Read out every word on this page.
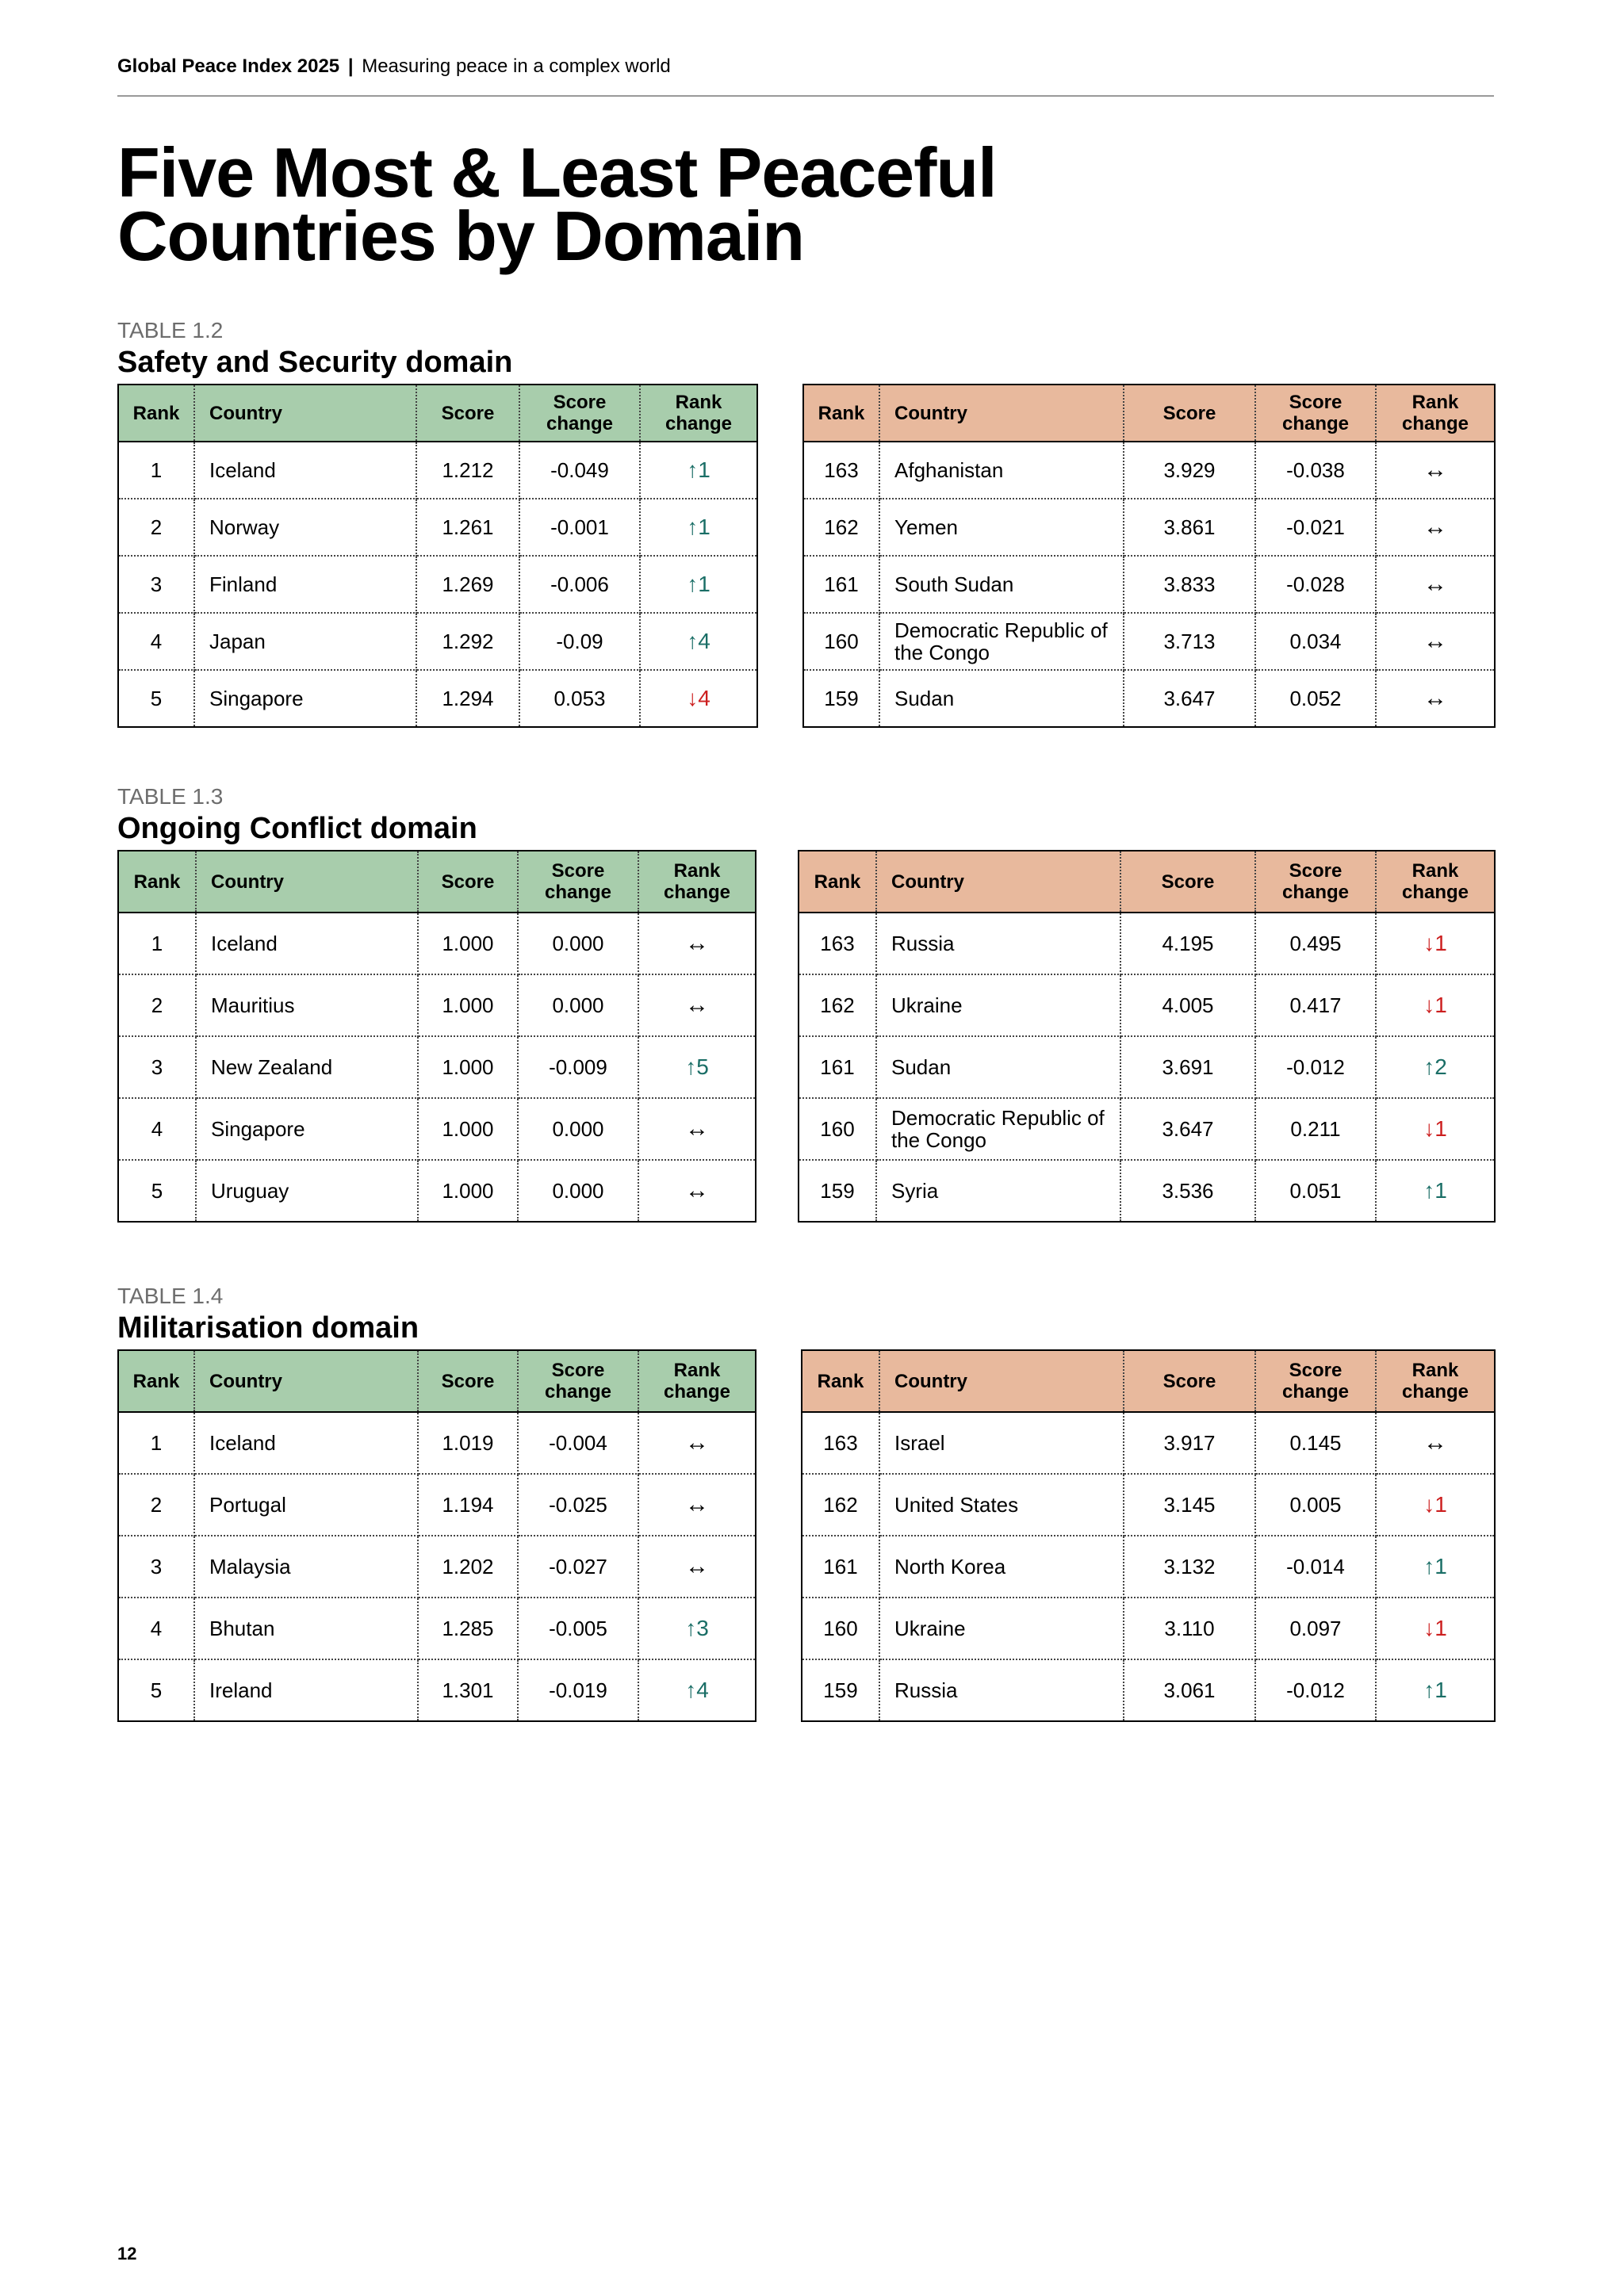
Global Peace Index 2025 | Measuring peace in a complex world
Five Most & Least Peaceful
Countries by Domain
TABLE 1.2
Safety and Security domain
Rank	Country	Score	Score change	Rank change
1	Iceland	1.212	-0.049	↑1
2	Norway	1.261	-0.001	↑1
3	Finland	1.269	-0.006	↑1
4	Japan	1.292	-0.09	↑4
5	Singapore	1.294	0.053	↓4
Rank	Country	Score	Score change	Rank change
163	Afghanistan	3.929	-0.038	↔
162	Yemen	3.861	-0.021	↔
161	South Sudan	3.833	-0.028	↔
160	Democratic Republic of the Congo	3.713	0.034	↔
159	Sudan	3.647	0.052	↔
TABLE 1.3
Ongoing Conflict domain
Rank	Country	Score	Score change	Rank change
1	Iceland	1.000	0.000	↔
2	Mauritius	1.000	0.000	↔
3	New Zealand	1.000	-0.009	↑5
4	Singapore	1.000	0.000	↔
5	Uruguay	1.000	0.000	↔
Rank	Country	Score	Score change	Rank change
163	Russia	4.195	0.495	↓1
162	Ukraine	4.005	0.417	↓1
161	Sudan	3.691	-0.012	↑2
160	Democratic Republic of the Congo	3.647	0.211	↓1
159	Syria	3.536	0.051	↑1
TABLE 1.4
Militarisation domain
Rank	Country	Score	Score change	Rank change
1	Iceland	1.019	-0.004	↔
2	Portugal	1.194	-0.025	↔
3	Malaysia	1.202	-0.027	↔
4	Bhutan	1.285	-0.005	↑3
5	Ireland	1.301	-0.019	↑4
Rank	Country	Score	Score change	Rank change
163	Israel	3.917	0.145	↔
162	United States	3.145	0.005	↓1
161	North Korea	3.132	-0.014	↑1
160	Ukraine	3.110	0.097	↓1
159	Russia	3.061	-0.012	↑1
12
